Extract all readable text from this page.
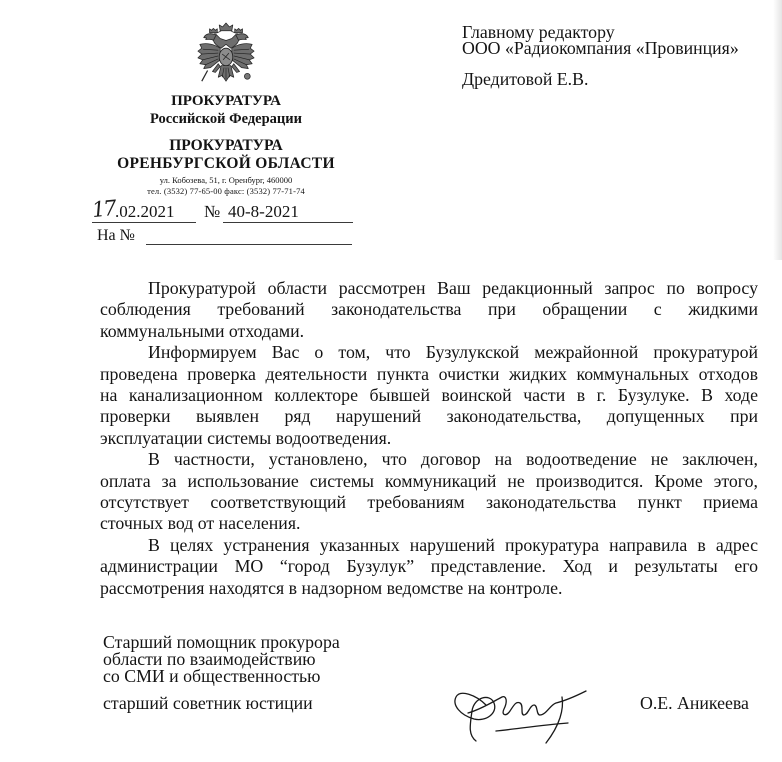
ПРОКУРАТУРА
Российской Федерации
ПРОКУРАТУРА
ОРЕНБУРГСКОЙ ОБЛАСТИ
ул. Кобозева, 51, г. Оренбург, 460000
тел. (3532) 77-65-00 факс: (3532) 77-71-74
17 .02.2021 № 40-8-2021
На №
Главному редактору
ООО «Радиокомпания «Провинция»
Дредитовой Е.В.
Прокуратурой области рассмотрен Ваш редакционный запрос по вопросу
соблюдения требований законодательства при обращении с жидкими
коммунальными отходами.
Информируем Вас о том, что Бузулукской межрайонной прокуратурой
проведена проверка деятельности пункта очистки жидких коммунальных отходов
на канализационном коллекторе бывшей воинской части в г. Бузулуке. В ходе
проверки выявлен ряд нарушений законодательства, допущенных при
эксплуатации системы водоотведения.
В частности, установлено, что договор на водоотведение не заключен,
оплата за использование системы коммуникаций не производится. Кроме этого,
отсутствует соответствующий требованиям законодательства пункт приема
сточных вод от населения.
В целях устранения указанных нарушений прокуратура направила в адрес
администрации МО “город Бузулук” представление. Ход и результаты его
рассмотрения находятся в надзорном ведомстве на контроле.
Старший помощник прокурора
области по взаимодействию
со СМИ и общественностью
старший советник юстиции	О.Е. Аникеева
